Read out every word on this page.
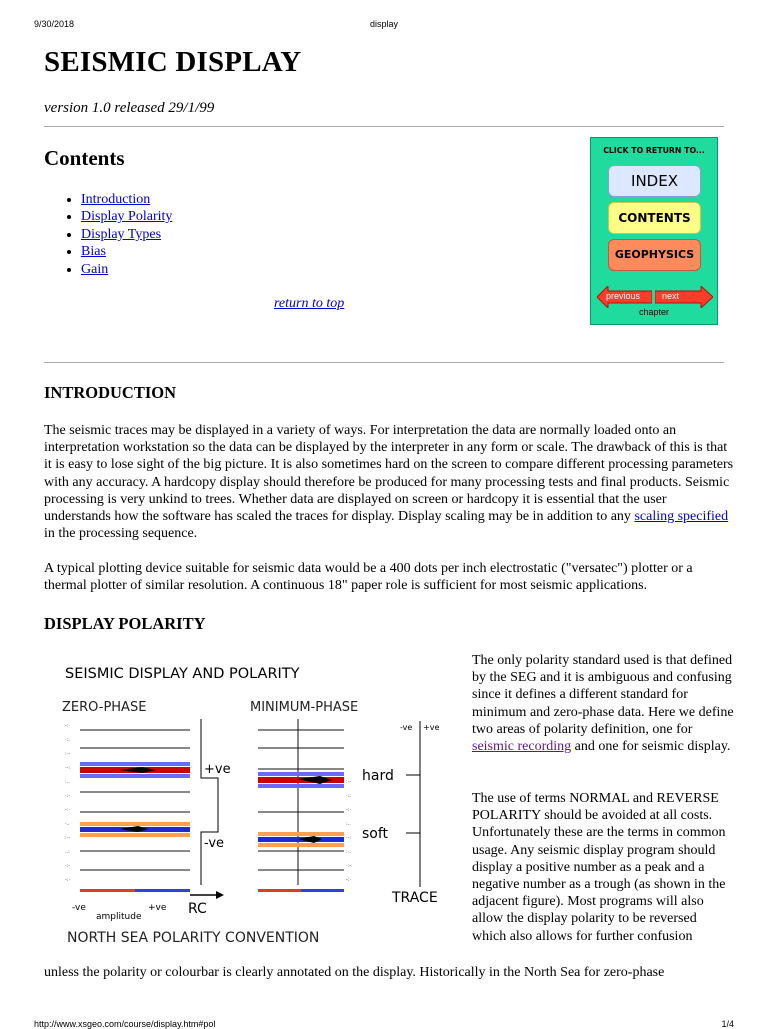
9/30/2018	display
SEISMIC DISPLAY
version 1.0 released 29/1/99
Contents
• Introduction
• Display Polarity
• Display Types
• Bias
• Gain
return to top
CLICK TO RETURN TO...
INDEX
CONTENTS
GEOPHYSICS
previous next
chapter
INTRODUCTION
The seismic traces may be displayed in a variety of ways. For interpretation the data are normally loaded onto an interpretation workstation so the data can be displayed by the interpreter in any form or scale. The drawback of this is that it is easy to lose sight of the big picture. It is also sometimes hard on the screen to compare different processing parameters with any accuracy. A hardcopy display should therefore be produced for many processing tests and final products. Seismic processing is very unkind to trees. Whether data are displayed on screen or hardcopy it is essential that the user understands how the software has scaled the traces for display. Display scaling may be in addition to any scaling specified in the processing sequence.
A typical plotting device suitable for seismic data would be a 400 dots per inch electrostatic ("versatec") plotter or a thermal plotter of similar resolution. A continuous 18" paper role is sufficient for most seismic applications.
DISPLAY POLARITY
SEISMIC DISPLAY AND POLARITY
ZERO-PHASE	MINIMUM-PHASE
-:·
·:.
:·-
·-:
:..
·:-
-:·
·..
:·-
..:
·:-
-:·
-ve	+ve
amplitude
+ve
-ve
RC
:·-
·:.
-:·
:..
·-:
:·.
·:-
-:·
-ve +ve
hard
soft
TRACE
NORTH SEA POLARITY CONVENTION
The only polarity standard used is that defined by the SEG and it is ambiguous and confusing since it defines a different standard for minimum and zero-phase data. Here we define two areas of polarity definition, one for seismic recording and one for seismic display.
The use of terms NORMAL and REVERSE POLARITY should be avoided at all costs. Unfortunately these are the terms in common usage. Any seismic display program should display a positive number as a peak and a negative number as a trough (as shown in the adjacent figure). Most programs will also allow the display polarity to be reversed which also allows for further confusion
unless the polarity or colourbar is clearly annotated on the display. Historically in the North Sea for zero-phase
http://www.xsgeo.com/course/display.htm#pol	1/4
